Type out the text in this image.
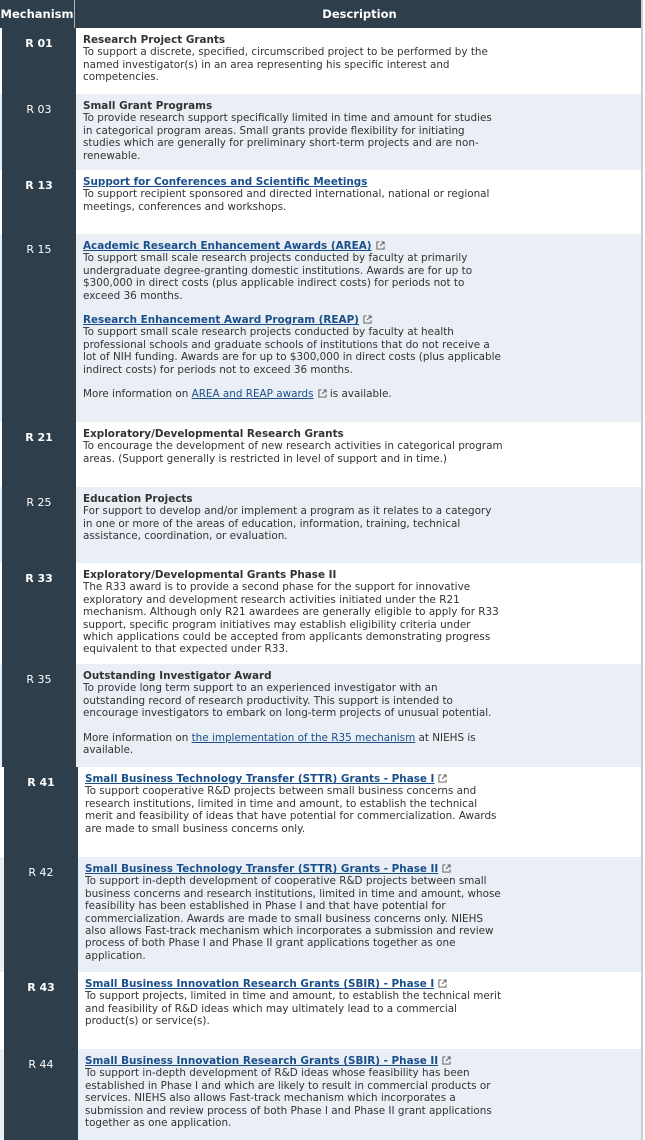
Mechanism	Description
R 01	Research Project Grants
To support a discrete, specified, circumscribed project to be performed by the named investigator(s) in an area representing his specific interest and competencies.
R 03	Small Grant Programs
To provide research support specifically limited in time and amount for studies in categorical program areas. Small grants provide flexibility for initiating studies which are generally for preliminary short-term projects and are non-renewable.
R 13	Support for Conferences and Scientific Meetings
To support recipient sponsored and directed international, national or regional meetings, conferences and workshops.
R 15	Academic Research Enhancement Awards (AREA)
To support small scale research projects conducted by faculty at primarily undergraduate degree-granting domestic institutions. Awards are for up to $300,000 in direct costs (plus applicable indirect costs) for periods not to exceed 36 months.
Research Enhancement Award Program (REAP)
To support small scale research projects conducted by faculty at health professional schools and graduate schools of institutions that do not receive a lot of NIH funding. Awards are for up to $300,000 in direct costs (plus applicable indirect costs) for periods not to exceed 36 months.
More information on AREA and REAP awards is available.
R 21	Exploratory/Developmental Research Grants
To encourage the development of new research activities in categorical program areas. (Support generally is restricted in level of support and in time.)
R 25	Education Projects
For support to develop and/or implement a program as it relates to a category in one or more of the areas of education, information, training, technical assistance, coordination, or evaluation.
R 33	Exploratory/Developmental Grants Phase II
The R33 award is to provide a second phase for the support for innovative exploratory and development research activities initiated under the R21 mechanism. Although only R21 awardees are generally eligible to apply for R33 support, specific program initiatives may establish eligibility criteria under which applications could be accepted from applicants demonstrating progress equivalent to that expected under R33.
R 35	Outstanding Investigator Award
To provide long term support to an experienced investigator with an outstanding record of research productivity. This support is intended to encourage investigators to embark on long-term projects of unusual potential.
More information on the implementation of the R35 mechanism at NIEHS is available.
R 41	Small Business Technology Transfer (STTR) Grants - Phase I
To support cooperative R&D projects between small business concerns and research institutions, limited in time and amount, to establish the technical merit and feasibility of ideas that have potential for commercialization. Awards are made to small business concerns only.
R 42	Small Business Technology Transfer (STTR) Grants - Phase II
To support in-depth development of cooperative R&D projects between small business concerns and research institutions, limited in time and amount, whose feasibility has been established in Phase I and that have potential for commercialization. Awards are made to small business concerns only. NIEHS also allows Fast-track mechanism which incorporates a submission and review process of both Phase I and Phase II grant applications together as one application.
R 43	Small Business Innovation Research Grants (SBIR) - Phase I
To support projects, limited in time and amount, to establish the technical merit and feasibility of R&D ideas which may ultimately lead to a commercial product(s) or service(s).
R 44	Small Business Innovation Research Grants (SBIR) - Phase II
To support in-depth development of R&D ideas whose feasibility has been established in Phase I and which are likely to result in commercial products or services. NIEHS also allows Fast-track mechanism which incorporates a submission and review process of both Phase I and Phase II grant applications together as one application.
